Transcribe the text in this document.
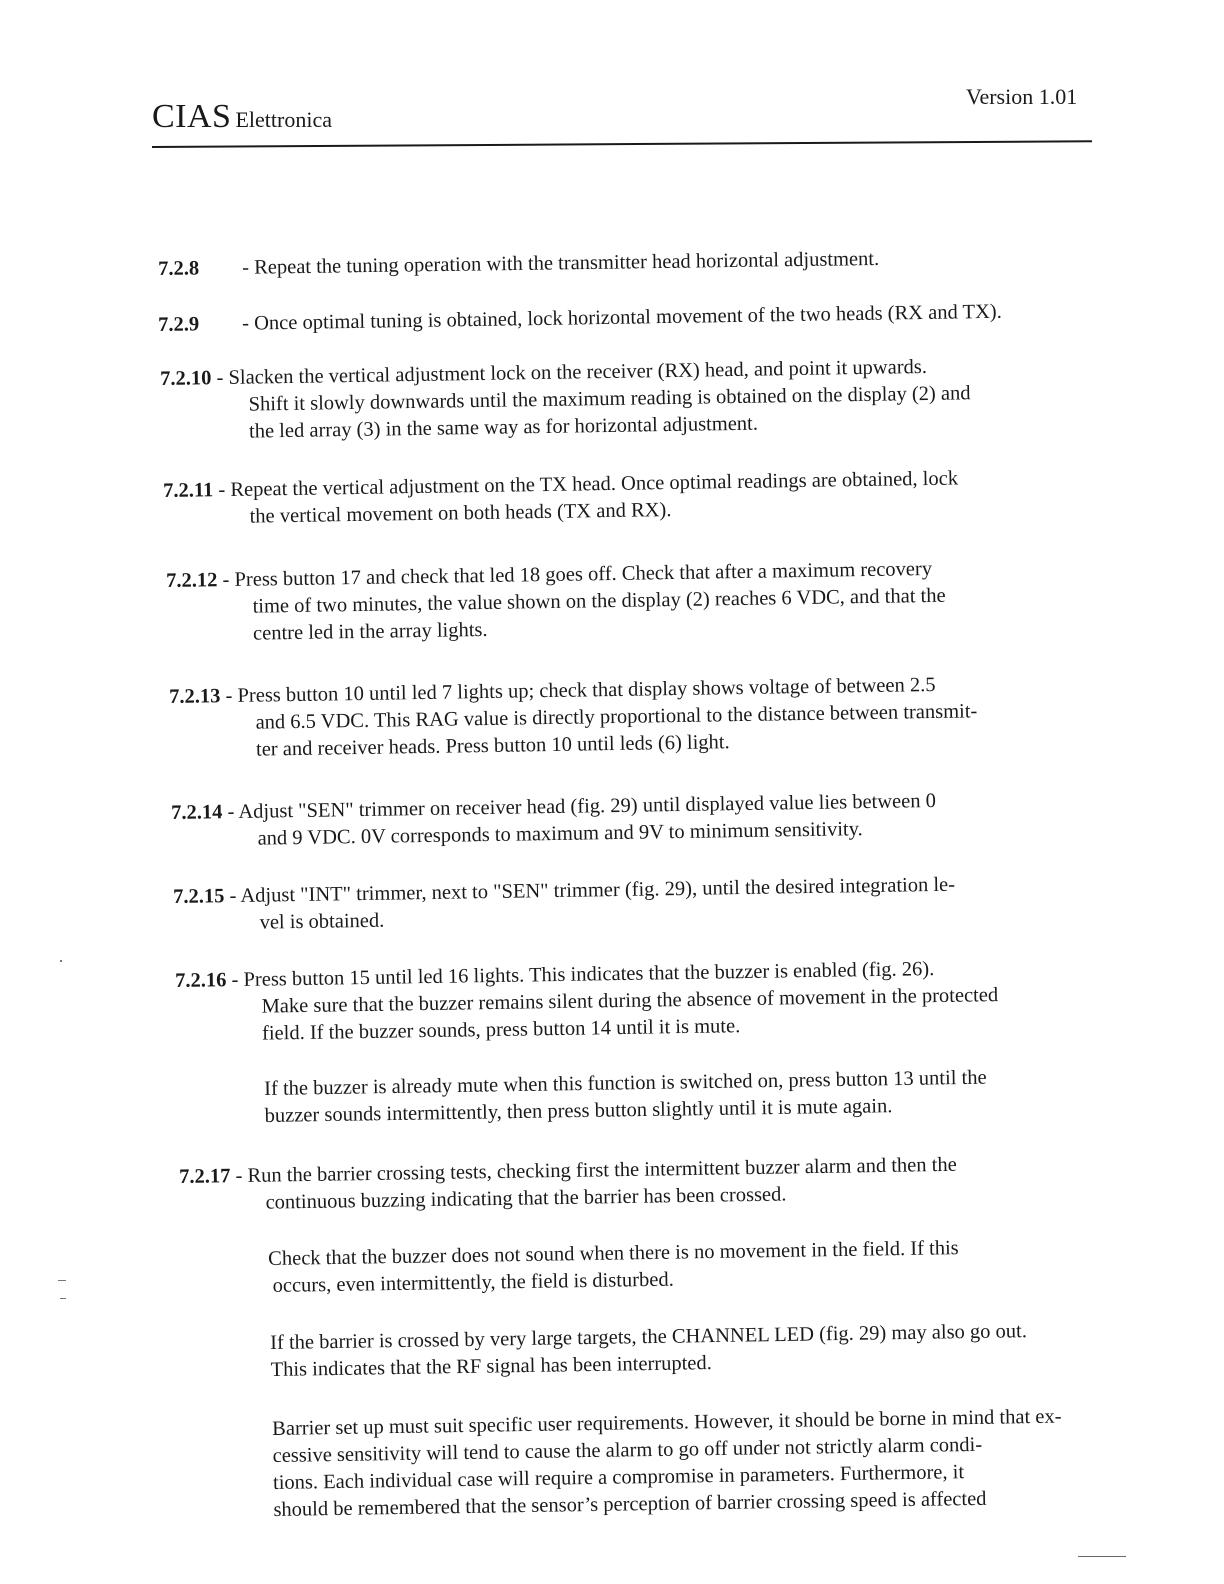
CIAS Elettronica
Version 1.01
7.2.8 - Repeat the tuning operation with the transmitter head horizontal adjustment.
7.2.9 - Once optimal tuning is obtained, lock horizontal movement of the two heads (RX and TX).
7.2.10 - Slacken the vertical adjustment lock on the receiver (RX) head, and point it upwards.
Shift it slowly downwards until the maximum reading is obtained on the display (2) and
the led array (3) in the same way as for horizontal adjustment.
7.2.11 - Repeat the vertical adjustment on the TX head. Once optimal readings are obtained, lock
the vertical movement on both heads (TX and RX).
7.2.12 - Press button 17 and check that led 18 goes off. Check that after a maximum recovery
time of two minutes, the value shown on the display (2) reaches 6 VDC, and that the
centre led in the array lights.
7.2.13 - Press button 10 until led 7 lights up; check that display shows voltage of between 2.5
and 6.5 VDC. This RAG value is directly proportional to the distance between transmit-
ter and receiver heads. Press button 10 until leds (6) light.
7.2.14 - Adjust "SEN" trimmer on receiver head (fig. 29) until displayed value lies between 0
and 9 VDC. 0V corresponds to maximum and 9V to minimum sensitivity.
7.2.15 - Adjust "INT" trimmer, next to "SEN" trimmer (fig. 29), until the desired integration le-
vel is obtained.
7.2.16 - Press button 15 until led 16 lights. This indicates that the buzzer is enabled (fig. 26).
Make sure that the buzzer remains silent during the absence of movement in the protected
field. If the buzzer sounds, press button 14 until it is mute.
If the buzzer is already mute when this function is switched on, press button 13 until the
buzzer sounds intermittently, then press button slightly until it is mute again.
7.2.17 - Run the barrier crossing tests, checking first the intermittent buzzer alarm and then the
continuous buzzing indicating that the barrier has been crossed.
Check that the buzzer does not sound when there is no movement in the field. If this
occurs, even intermittently, the field is disturbed.
If the barrier is crossed by very large targets, the CHANNEL LED (fig. 29) may also go out.
This indicates that the RF signal has been interrupted.
Barrier set up must suit specific user requirements. However, it should be borne in mind that ex-
cessive sensitivity will tend to cause the alarm to go off under not strictly alarm condi-
tions. Each individual case will require a compromise in parameters. Furthermore, it
should be remembered that the sensor’s perception of barrier crossing speed is affected
